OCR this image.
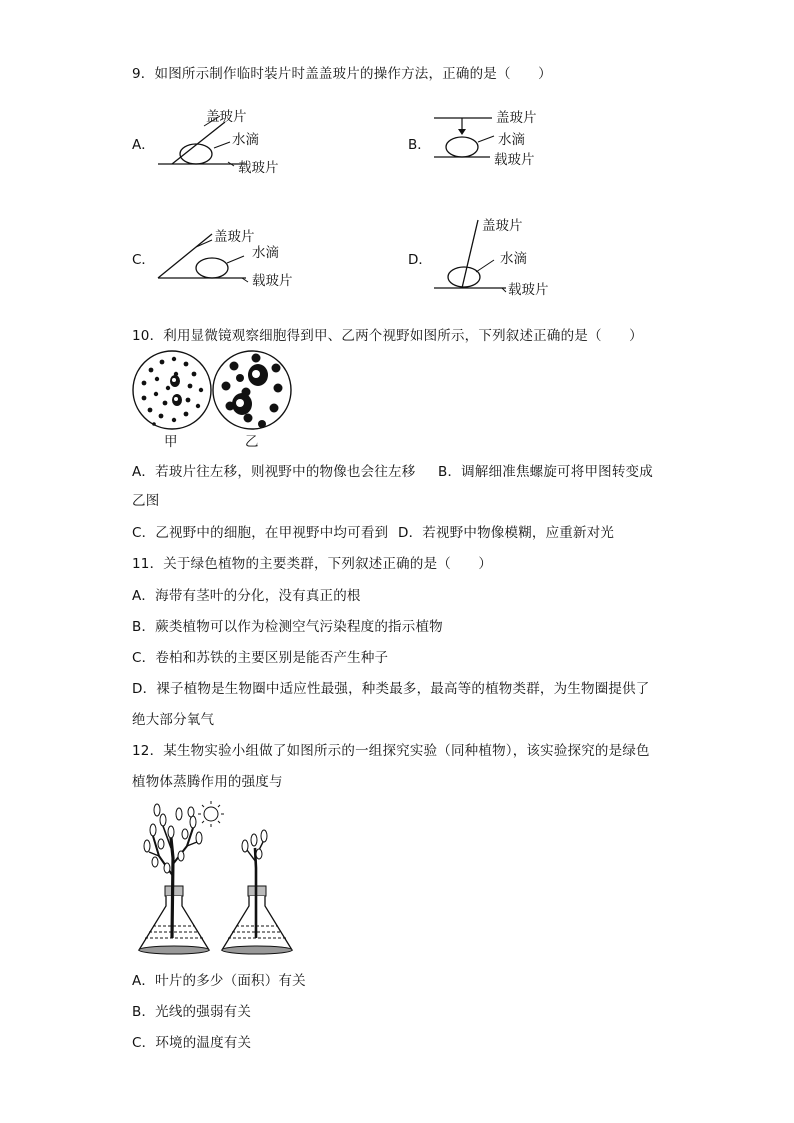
9．如图所示制作临时装片时盖盖玻片的操作方法，正确的是（　　）
A．
盖玻片
水滴
载玻片
B．
盖玻片
水滴
载玻片
C．
盖玻片
水滴
载玻片
D．
盖玻片
水滴
载玻片
10．利用显微镜观察细胞得到甲、乙两个视野如图所示，下列叙述正确的是（　　）
甲	乙
A．若玻片往左移，则视野中的物像也会往左移 B．调解细准焦螺旋可将甲图转变成
乙图
C．乙视野中的细胞，在甲视野中均可看到 D．若视野中物像模糊，应重新对光
11．关于绿色植物的主要类群，下列叙述正确的是（　　）
A．海带有茎叶的分化，没有真正的根
B．蕨类植物可以作为检测空气污染程度的指示植物
C．卷柏和苏铁的主要区别是能否产生种子
D．裸子植物是生物圈中适应性最强，种类最多，最高等的植物类群，为生物圈提供了
绝大部分氧气
12．某生物实验小组做了如图所示的一组探究实验（同种植物），该实验探究的是绿色
植物体蒸腾作用的强度与
A．叶片的多少（面积）有关
B．光线的强弱有关
C．环境的温度有关
